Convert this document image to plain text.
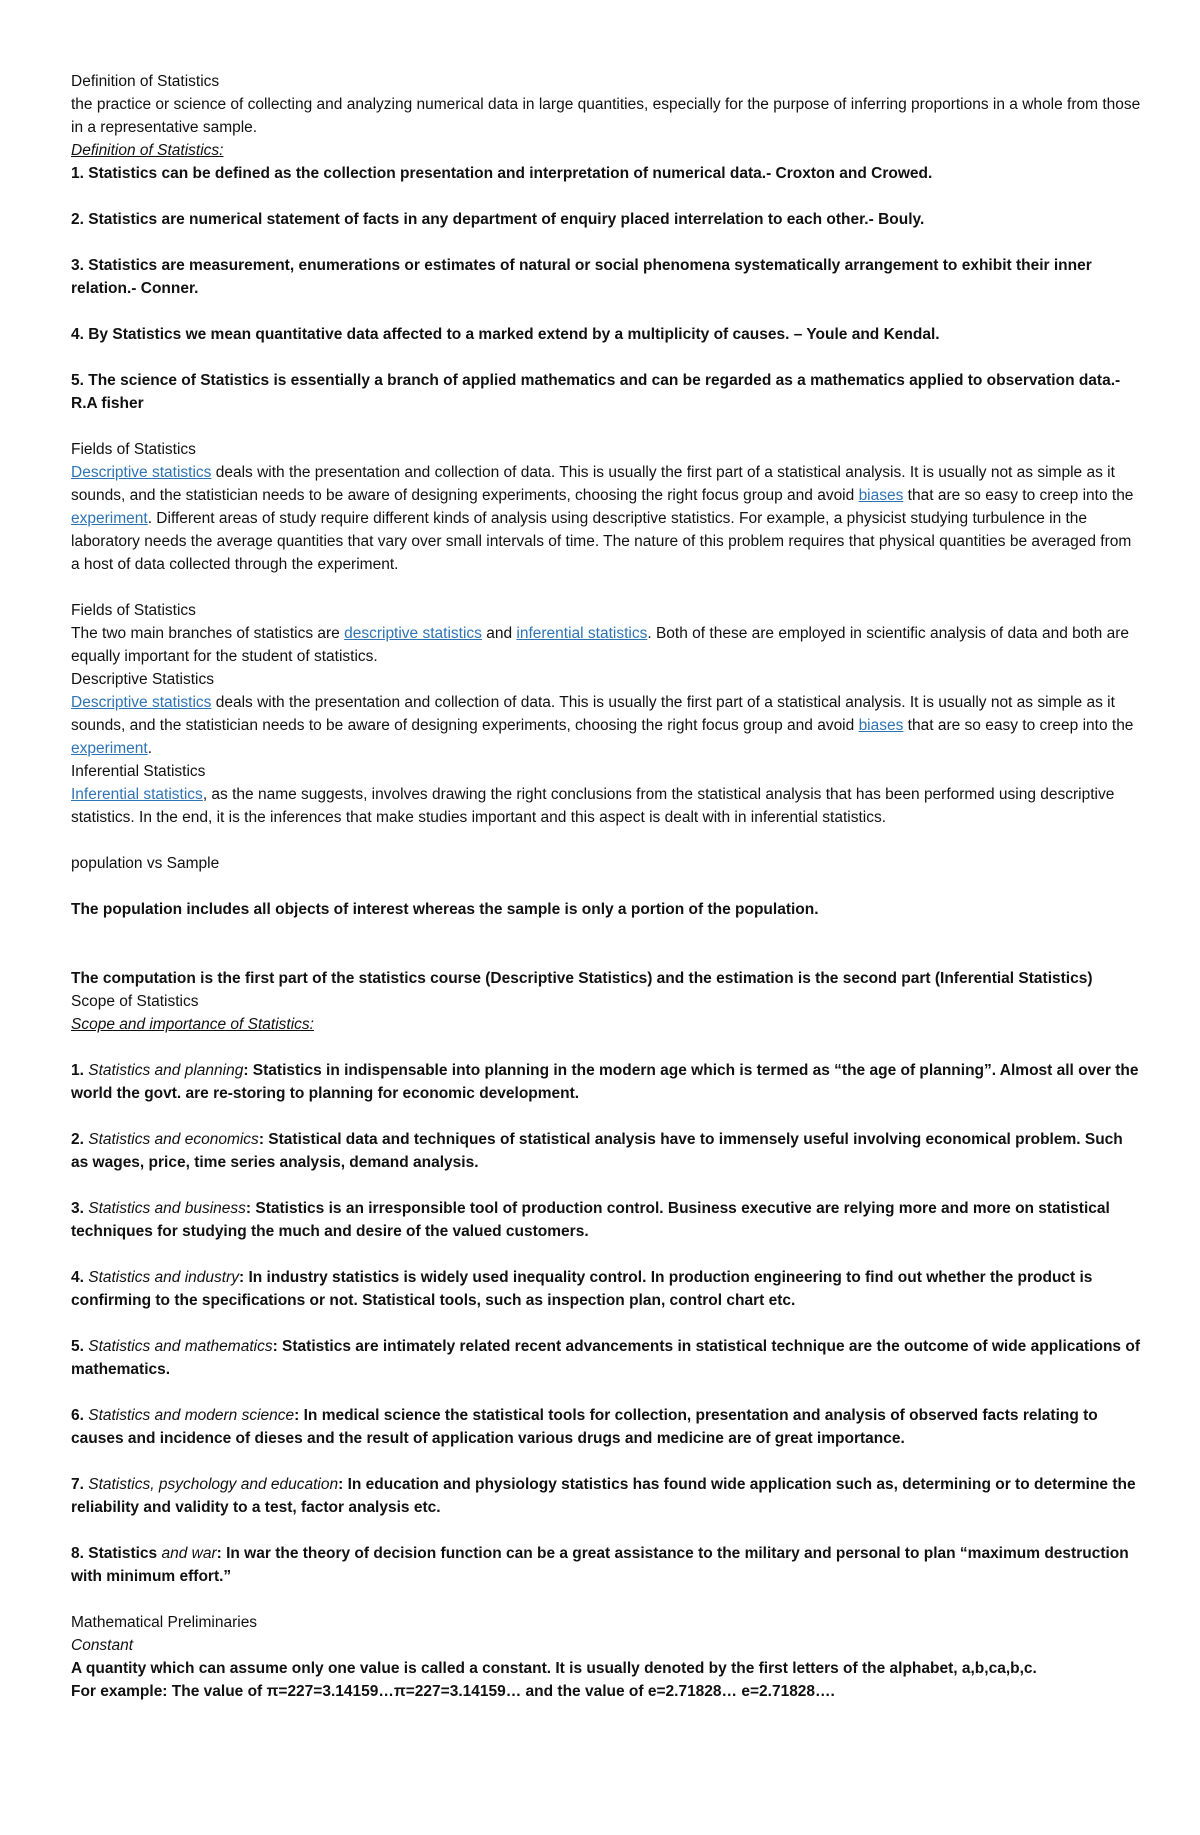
Definition of Statistics

the practice or science of collecting and analyzing numerical data in large quantities, especially for the purpose of inferring proportions in a whole from those in a representative sample.

Definition of Statistics:

1. Statistics can be defined as the collection presentation and interpretation of numerical data.- Croxton and Crowed.

2. Statistics are numerical statement of facts in any department of enquiry placed interrelation to each other.- Bouly.

3. Statistics are measurement, enumerations or estimates of natural or social phenomena systematically arrangement to exhibit their inner relation.- Conner.

4. By Statistics we mean quantitative data affected to a marked extend by a multiplicity of causes. – Youle and Kendal.

5. The science of Statistics is essentially a branch of applied mathematics and can be regarded as a mathematics applied to observation data.- R.A fisher

Fields of Statistics

Descriptive statistics deals with the presentation and collection of data. This is usually the first part of a statistical analysis. It is usually not as simple as it sounds, and the statistician needs to be aware of designing experiments, choosing the right focus group and avoid biases that are so easy to creep into the experiment. Different areas of study require different kinds of analysis using descriptive statistics. For example, a physicist studying turbulence in the laboratory needs the average quantities that vary over small intervals of time. The nature of this problem requires that physical quantities be averaged from a host of data collected through the experiment.

Fields of Statistics

The two main branches of statistics are descriptive statistics and inferential statistics. Both of these are employed in scientific analysis of data and both are equally important for the student of statistics.

Descriptive Statistics

Descriptive statistics deals with the presentation and collection of data. This is usually the first part of a statistical analysis. It is usually not as simple as it sounds, and the statistician needs to be aware of designing experiments, choosing the right focus group and avoid biases that are so easy to creep into the experiment.

Inferential Statistics

Inferential statistics, as the name suggests, involves drawing the right conclusions from the statistical analysis that has been performed using descriptive statistics. In the end, it is the inferences that make studies important and this aspect is dealt with in inferential statistics.

population vs Sample

The population includes all objects of interest whereas the sample is only a portion of the population.

The computation is the first part of the statistics course (Descriptive Statistics) and the estimation is the second part (Inferential Statistics)

Scope of Statistics

Scope and importance of Statistics:

1. Statistics and planning: Statistics in indispensable into planning in the modern age which is termed as “the age of planning”. Almost all over the world the govt. are re-storing to planning for economic development.

2. Statistics and economics: Statistical data and techniques of statistical analysis have to immensely useful involving economical problem. Such as wages, price, time series analysis, demand analysis.

3. Statistics and business: Statistics is an irresponsible tool of production control. Business executive are relying more and more on statistical techniques for studying the much and desire of the valued customers.

4. Statistics and industry: In industry statistics is widely used inequality control. In production engineering to find out whether the product is confirming to the specifications or not. Statistical tools, such as inspection plan, control chart etc.

5. Statistics and mathematics: Statistics are intimately related recent advancements in statistical technique are the outcome of wide applications of mathematics.

6. Statistics and modern science: In medical science the statistical tools for collection, presentation and analysis of observed facts relating to causes and incidence of dieses and the result of application various drugs and medicine are of great importance.

7. Statistics, psychology and education: In education and physiology statistics has found wide application such as, determining or to determine the reliability and validity to a test, factor analysis etc.

8. Statistics and war: In war the theory of decision function can be a great assistance to the military and personal to plan “maximum destruction with minimum effort.”

Mathematical Preliminaries

Constant

A quantity which can assume only one value is called a constant. It is usually denoted by the first letters of the alphabet, a,b,ca,b,c.

For example: The value of π=227=3.14159…π=227=3.14159… and the value of e=2.71828… e=2.71828….
